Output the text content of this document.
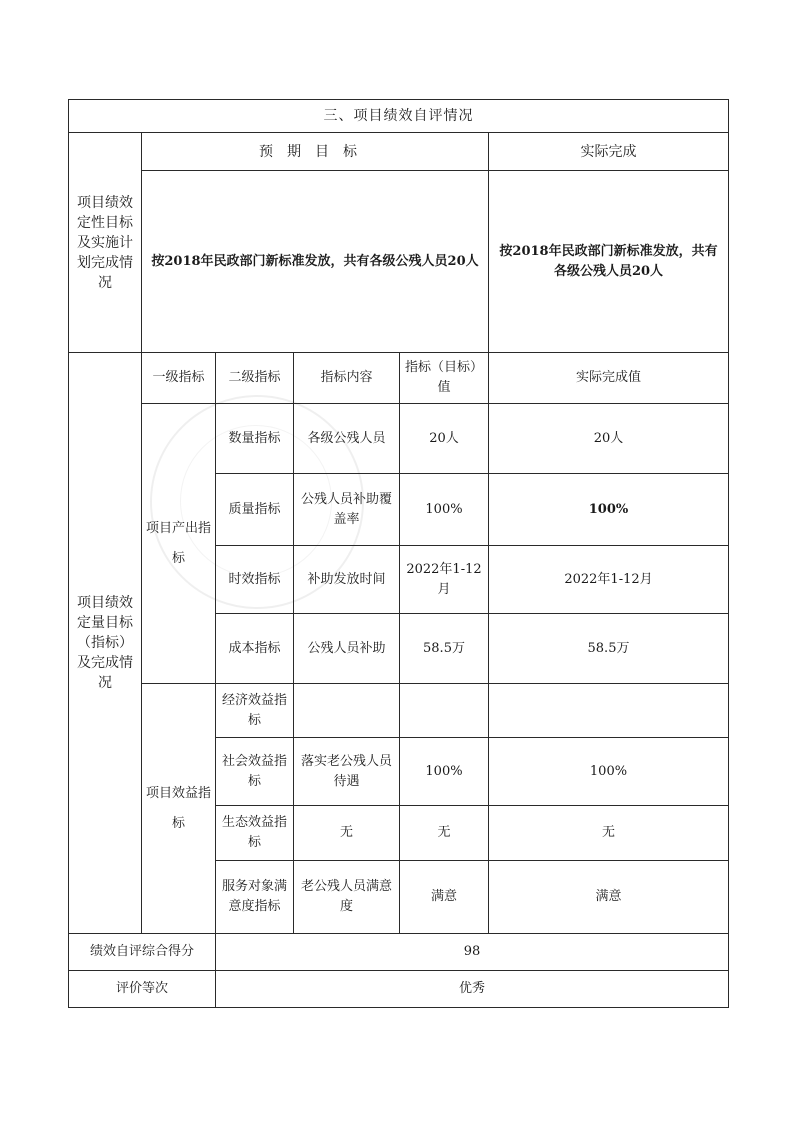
三、项目绩效自评情况					
项目绩效定性目标及实施计划完成情况	预期目标				实际完成
	按2018年民政部门新标准发放，共有各级公残人员20人				按2018年民政部门新标准发放，共有各级公残人员20人
项目绩效定量目标（指标）及完成情况	一级指标	二级指标	指标内容	指标（目标）值	实际完成值
	项目产出指标	数量指标	各级公残人员	20人	20人
		质量指标	公残人员补助覆盖率	100%	100%
		时效指标	补助发放时间	2022年1-12月	2022年1-12月
		成本指标	公残人员补助	58.5万	58.5万
	项目效益指标	经济效益指标			
		社会效益指标	落实老公残人员待遇	100%	100%
		生态效益指标	无	无	无
		服务对象满意度指标	老公残人员满意度	满意	满意
绩效自评综合得分		98			
评价等次		优秀			
